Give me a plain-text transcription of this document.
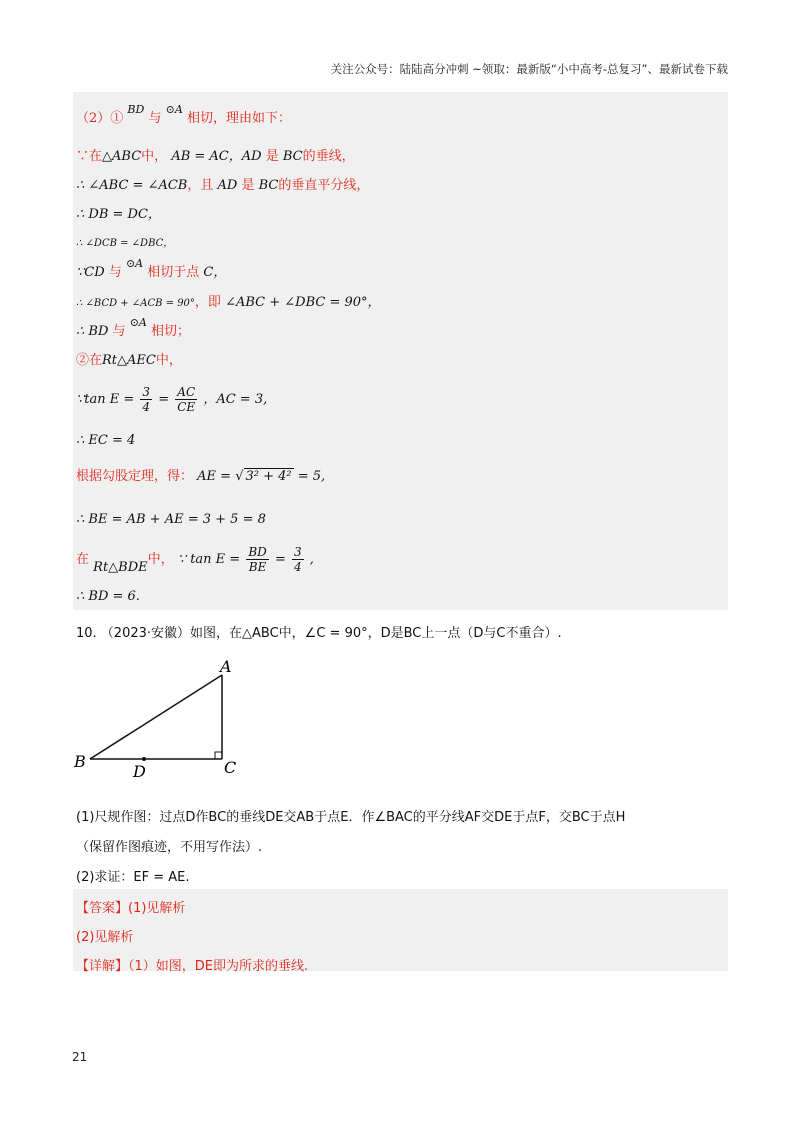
关注公众号：陆陆高分冲刺 ~领取：最新版“小中高考-总复习”、最新试卷下载
（2）① $^{BD}$ 与 $^{⊙A}$ 相切，理由如下：
∵在△ABC中， AB = AC，AD 是 BC的垂线，
∴ ∠ABC = ∠ACB，且 AD 是 BC的垂直平分线，
∴ DB = DC，
∴ ∠DCB = ∠DBC，
∵CD 与 $^{⊙A}$ 相切于点 C，
∴ ∠BCD + ∠ACB = 90°，即 ∠ABC + ∠DBC = 90°，
∴ BD 与 $^{⊙A}$ 相切；
②在Rt△AEC中，
∵tan $E = \frac{3}{4} = \frac{AC}{CE}$ ，AC = 3,
∴ EC = 4
根据勾股定理，得： AE = √ 3² + 4² = 5,
∴ BE = AB + AE = 3 + 5 = 8
在 Rt△BDE中， ∵ $\tan E = \frac{BD}{BE} = \frac{3}{4}$ ,
∴ BD = 6.
10. （2023·安徽）如图，在△ABC中，∠C = 90°，D是BC上一点（D与C不重合）.
A
B	C
D
(1)尺规作图：过点D作BC的垂线DE交AB于点E．作∠BAC的平分线AF交DE于点F，交BC于点H
（保留作图痕迹，不用写作法）.
(2)求证：EF = AE.
【答案】(1)见解析
(2)见解析
【详解】（1）如图，DE即为所求的垂线.
21
